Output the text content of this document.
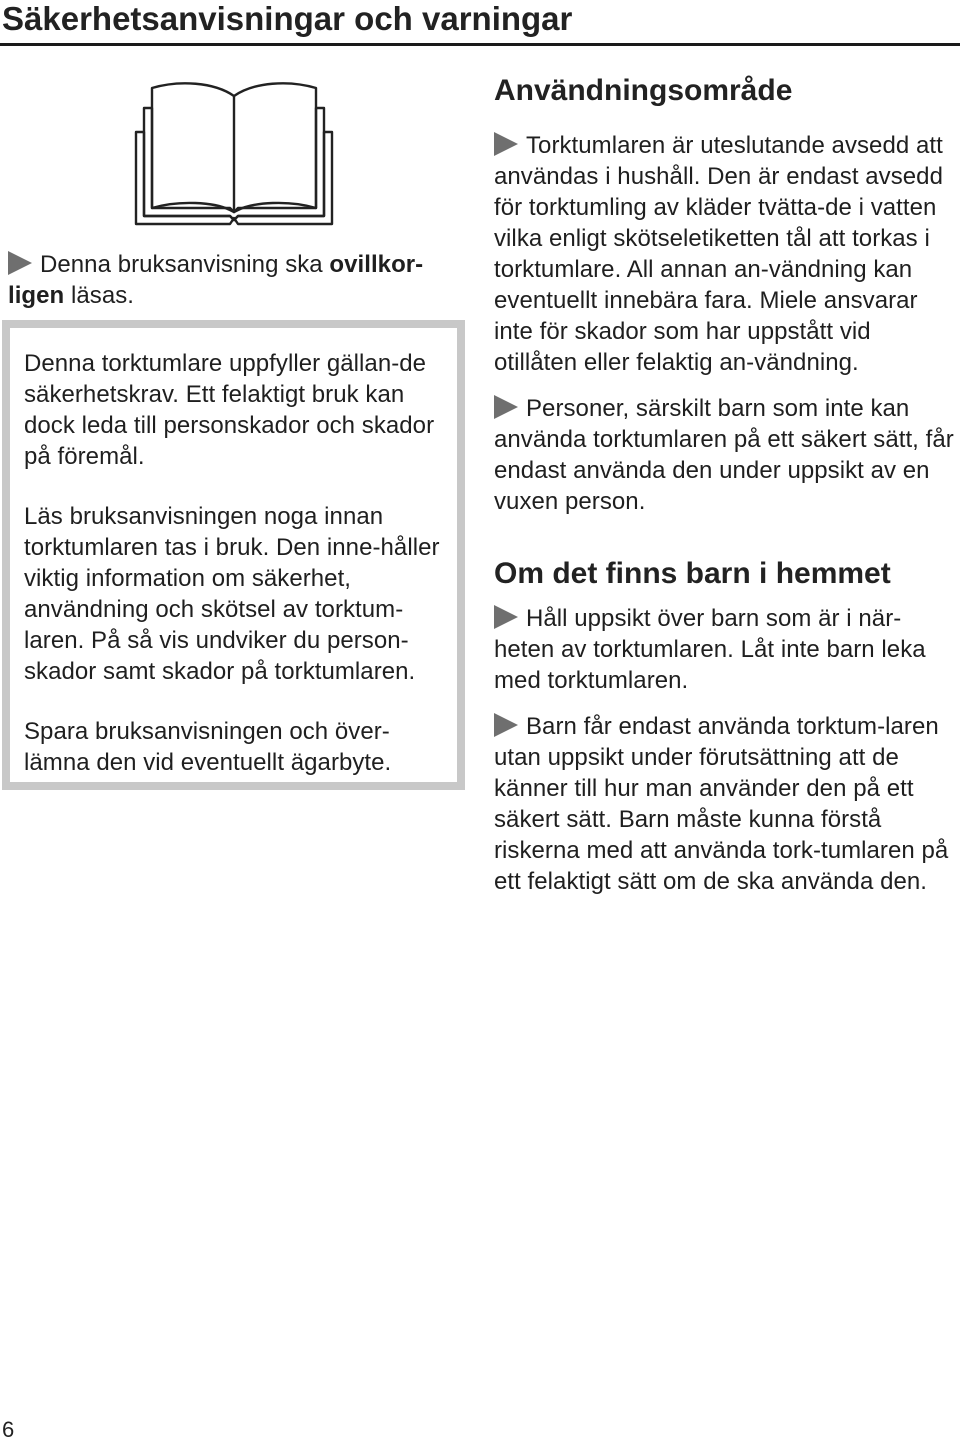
Säkerhetsanvisningar och varningar

Denna bruksanvisning ska ovillkor-ligen läsas.

Denna torktumlare uppfyller gällan-de säkerhetskrav. Ett felaktigt bruk kan dock leda till personskador och skador på föremål.

Läs bruksanvisningen noga innan torktumlaren tas i bruk. Den inne-håller viktig information om säkerhet, användning och skötsel av torktum-laren. På så vis undviker du person-skador samt skador på torktumlaren.

Spara bruksanvisningen och över-lämna den vid eventuellt ägarbyte.

Användningsområde

Torktumlaren är uteslutande avsedd att användas i hushåll. Den är endast avsedd för torktumling av kläder tvätta-de i vatten vilka enligt skötseletiketten tål att torkas i torktumlare. All annan an-vändning kan eventuellt innebära fara. Miele ansvarar inte för skador som har uppstått vid otillåten eller felaktig an-vändning.

Personer, särskilt barn som inte kan använda torktumlaren på ett säkert sätt, får endast använda den under uppsikt av en vuxen person.

Om det finns barn i hemmet

Håll uppsikt över barn som är i när-heten av torktumlaren. Låt inte barn leka med torktumlaren.

Barn får endast använda torktum-laren utan uppsikt under förutsättning att de känner till hur man använder den på ett säkert sätt. Barn måste kunna förstå riskerna med att använda tork-tumlaren på ett felaktigt sätt om de ska använda den.

6
